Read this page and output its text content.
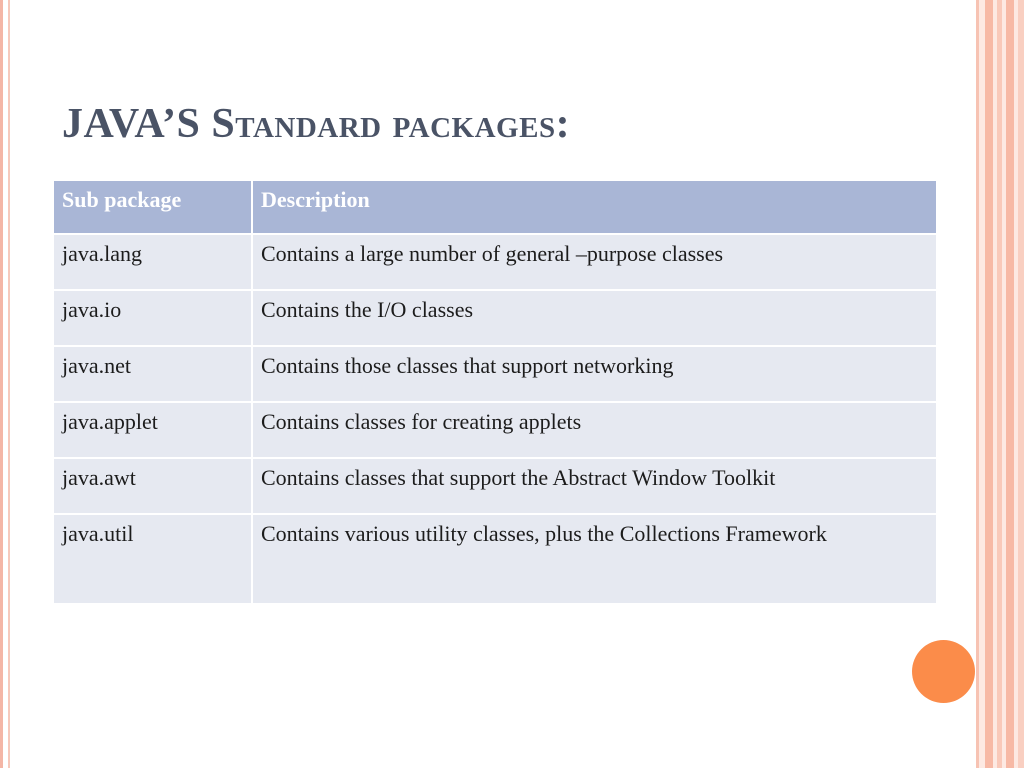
JAVA’S Standard packages:
Sub package	Description
java.lang	Contains a large number of general –purpose classes
java.io	Contains the I/O classes
java.net	Contains those classes that support networking
java.applet	Contains classes for creating applets
java.awt	Contains classes that support the Abstract Window Toolkit
java.util	Contains various utility classes, plus the Collections Framework
